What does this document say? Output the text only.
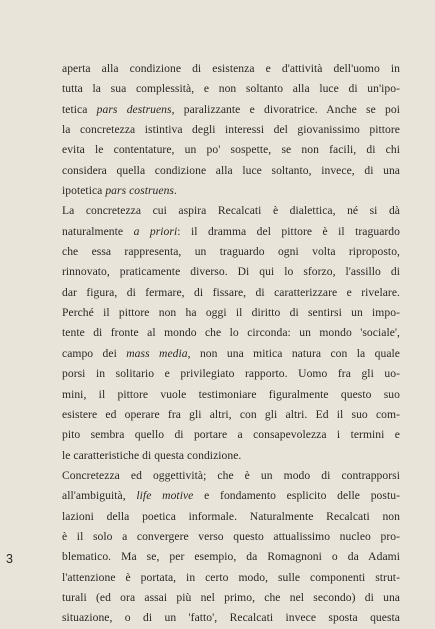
aperta alla condizione di esistenza e d'attività dell'uomo in
tutta la sua complessità, e non soltanto alla luce di un'ipo-
tetica pars destruens, paralizzante e divoratrice. Anche se poi
la concretezza istintiva degli interessi del giovanissimo pittore
evita le contentature, un po' sospette, se non facili, di chi
considera quella condizione alla luce soltanto, invece, di una
ipotetica pars costruens.
La concretezza cui aspira Recalcati è dialettica, né si dà
naturalmente a priori: il dramma del pittore è il traguardo
che essa rappresenta, un traguardo ogni volta riproposto,
rinnovato, praticamente diverso. Di qui lo sforzo, l'assillo di
dar figura, di fermare, di fissare, di caratterizzare e rivelare.
Perché il pittore non ha oggi il diritto di sentirsi un impo-
tente di fronte al mondo che lo circonda: un mondo 'sociale',
campo dei mass media, non una mitica natura con la quale
porsi in solitario e privilegiato rapporto. Uomo fra gli uo-
mini, il pittore vuole testimoniare figuralmente questo suo
esistere ed operare fra gli altri, con gli altri. Ed il suo com-
pito sembra quello di portare a consapevolezza i termini e
le caratteristiche di questa condizione.
Concretezza ed oggettività; che è un modo di contrapporsi
all'ambiguità, life motive e fondamento esplicito delle postu-
lazioni della poetica informale. Naturalmente Recalcati non
è il solo a convergere verso questo attualissimo nucleo pro-
blematico. Ma se, per esempio, da Romagnoni o da Adami
l'attenzione è portata, in certo modo, sulle componenti strut-
turali (ed ora assai più nel primo, che nel secondo) di una
situazione, o di un 'fatto', Recalcati invece sposta questa
3
